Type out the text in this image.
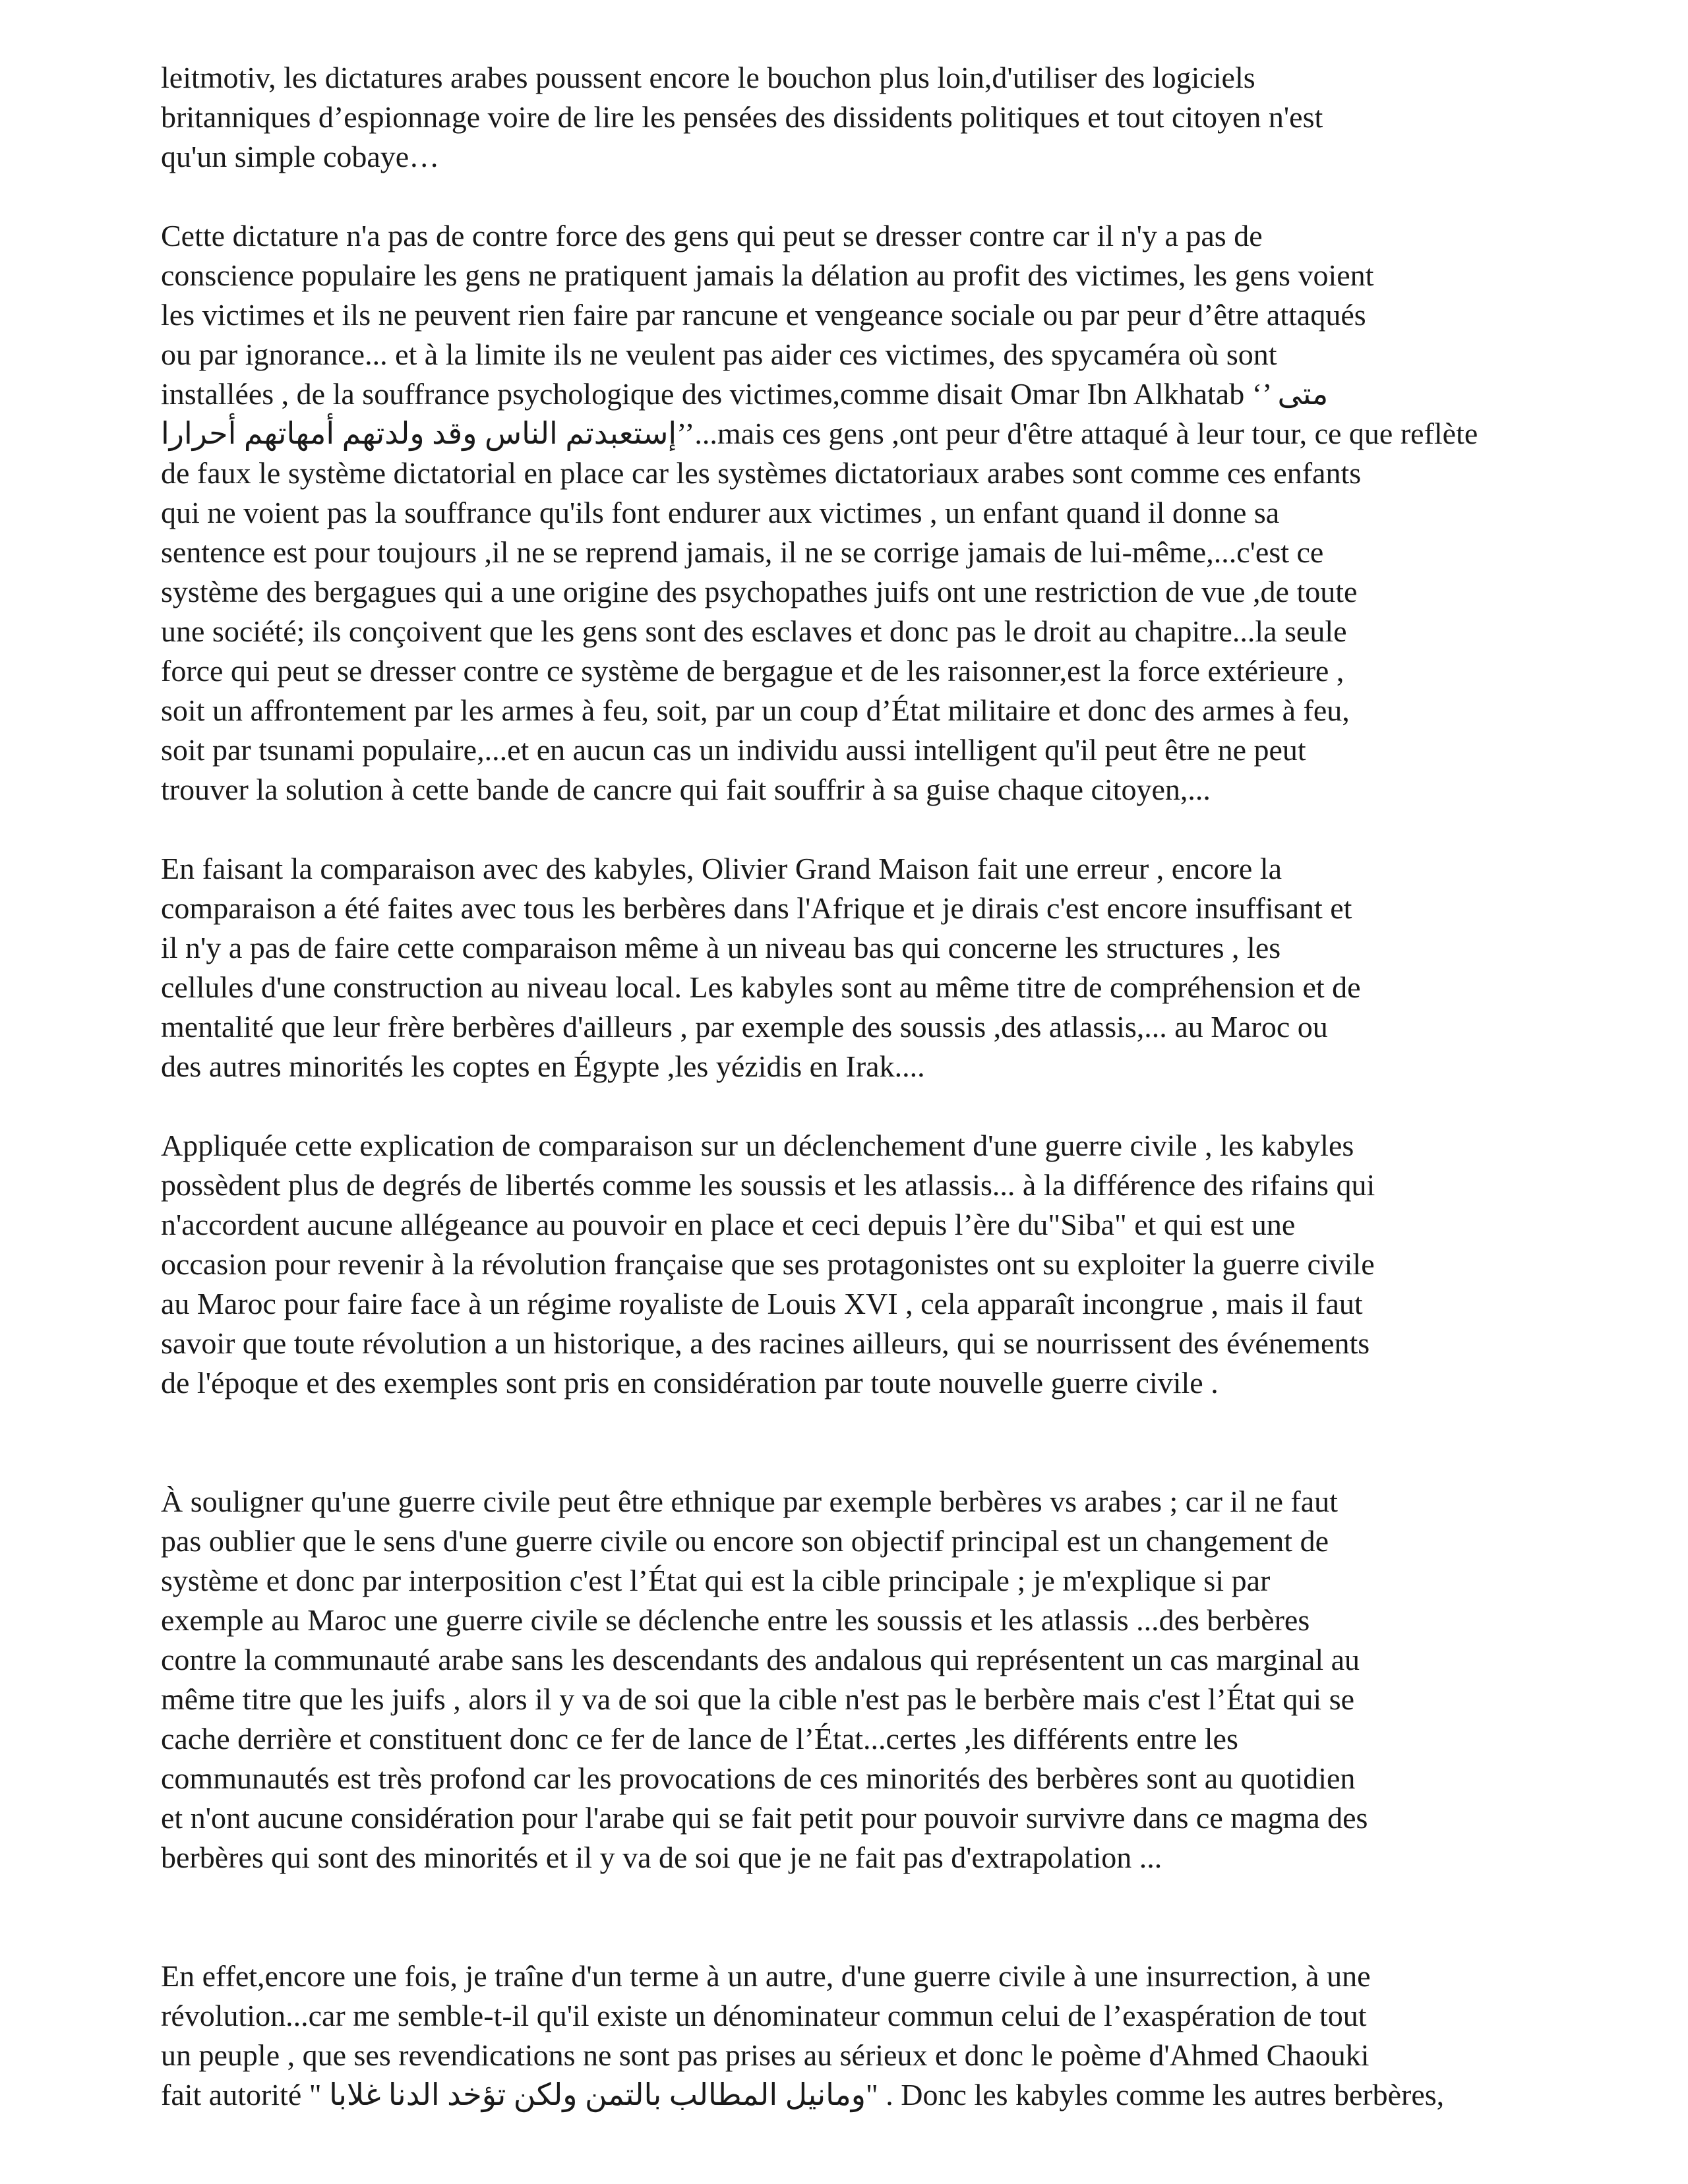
leitmotiv, les dictatures arabes poussent encore le bouchon plus loin,d'utiliser des logiciels
britanniques d’espionnage voire de lire les pensées des dissidents politiques et tout citoyen n'est
qu'un simple cobaye…

Cette dictature n'a pas de contre force des gens qui peut se dresser contre car il n'y a pas de
conscience populaire les gens ne pratiquent jamais la délation au profit des victimes, les gens voient
les victimes et ils ne peuvent rien faire par rancune et vengeance sociale ou par peur d’être attaqués
ou par ignorance... et à la limite ils ne veulent pas aider ces victimes, des spycaméra où sont
installées , de la souffrance psychologique des victimes,comme disait Omar Ibn Alkhatab ‘’ متى
إستعبدتم الناس وقد ولدتهم أمهاتهم أحرارا’’...mais ces gens ,ont peur d'être attaqué à leur tour, ce que reflète
de faux le système dictatorial en place car les systèmes dictatoriaux arabes sont comme ces enfants
qui ne voient pas la souffrance qu'ils font endurer aux victimes , un enfant quand il donne sa
sentence est pour toujours ,il ne se reprend jamais, il ne se corrige jamais de lui-même,...c'est ce
système des bergagues qui a une origine des psychopathes juifs ont une restriction de vue ,de toute
une société; ils conçoivent que les gens sont des esclaves et donc pas le droit au chapitre...la seule
force qui peut se dresser contre ce système de bergague et de les raisonner,est la force extérieure ,
soit un affrontement par les armes à feu, soit, par un coup d’État militaire et donc des armes à feu,
soit par tsunami populaire,...et en aucun cas un individu aussi intelligent qu'il peut être ne peut
trouver la solution à cette bande de cancre qui fait souffrir à sa guise chaque citoyen,...

En faisant la comparaison avec des kabyles, Olivier Grand Maison fait une erreur , encore la
comparaison a été faites avec tous les berbères dans l'Afrique et je dirais c'est encore insuffisant et
il n'y a pas de faire cette comparaison même à un niveau bas qui concerne les structures , les
cellules d'une construction au niveau local. Les kabyles sont au même titre de compréhension et de
mentalité que leur frère berbères d'ailleurs , par exemple des soussis ,des atlassis,... au Maroc ou
des autres minorités les coptes en Égypte ,les yézidis en Irak....

Appliquée cette explication de comparaison sur un déclenchement d'une guerre civile , les kabyles
possèdent plus de degrés de libertés comme les soussis et les atlassis... à la différence des rifains qui
n'accordent aucune allégeance au pouvoir en place et ceci depuis l’ère du"Siba" et qui est une
occasion pour revenir à la révolution française que ses protagonistes ont su exploiter la guerre civile
au Maroc pour faire face à un régime royaliste de Louis XVI , cela apparaît incongrue , mais il faut
savoir que toute révolution a un historique, a des racines ailleurs, qui se nourrissent des événements
de l'époque et des exemples sont pris en considération par toute nouvelle guerre civile .

À souligner qu'une guerre civile peut être ethnique par exemple berbères vs arabes ; car il ne faut
pas oublier que le sens d'une guerre civile ou encore son objectif principal est un changement de
système et donc par interposition c'est l’État qui est la cible principale ; je m'explique si par
exemple au Maroc une guerre civile se déclenche entre les soussis et les atlassis ...des berbères
contre la communauté arabe sans les descendants des andalous qui représentent un cas marginal au
même titre que les juifs , alors il y va de soi que la cible n'est pas le berbère mais c'est l’État qui se
cache derrière et constituent donc ce fer de lance de l’État...certes ,les différents entre les
communautés est très profond car les provocations de ces minorités des berbères sont au quotidien
et n'ont aucune considération pour l'arabe qui se fait petit pour pouvoir survivre dans ce magma des
berbères qui sont des minorités et il y va de soi que je ne fait pas d'extrapolation ...

En effet,encore une fois, je traîne d'un terme à un autre, d'une guerre civile à une insurrection, à une
révolution...car me semble-t-il qu'il existe un dénominateur commun celui de l’exaspération de tout
un peuple , que ses revendications ne sont pas prises au sérieux et donc le poème d'Ahmed Chaouki
fait autorité " ومانيل المطالب بالتمن ولكن تؤخد الدنا غلابا" . Donc les kabyles comme les autres berbères,
